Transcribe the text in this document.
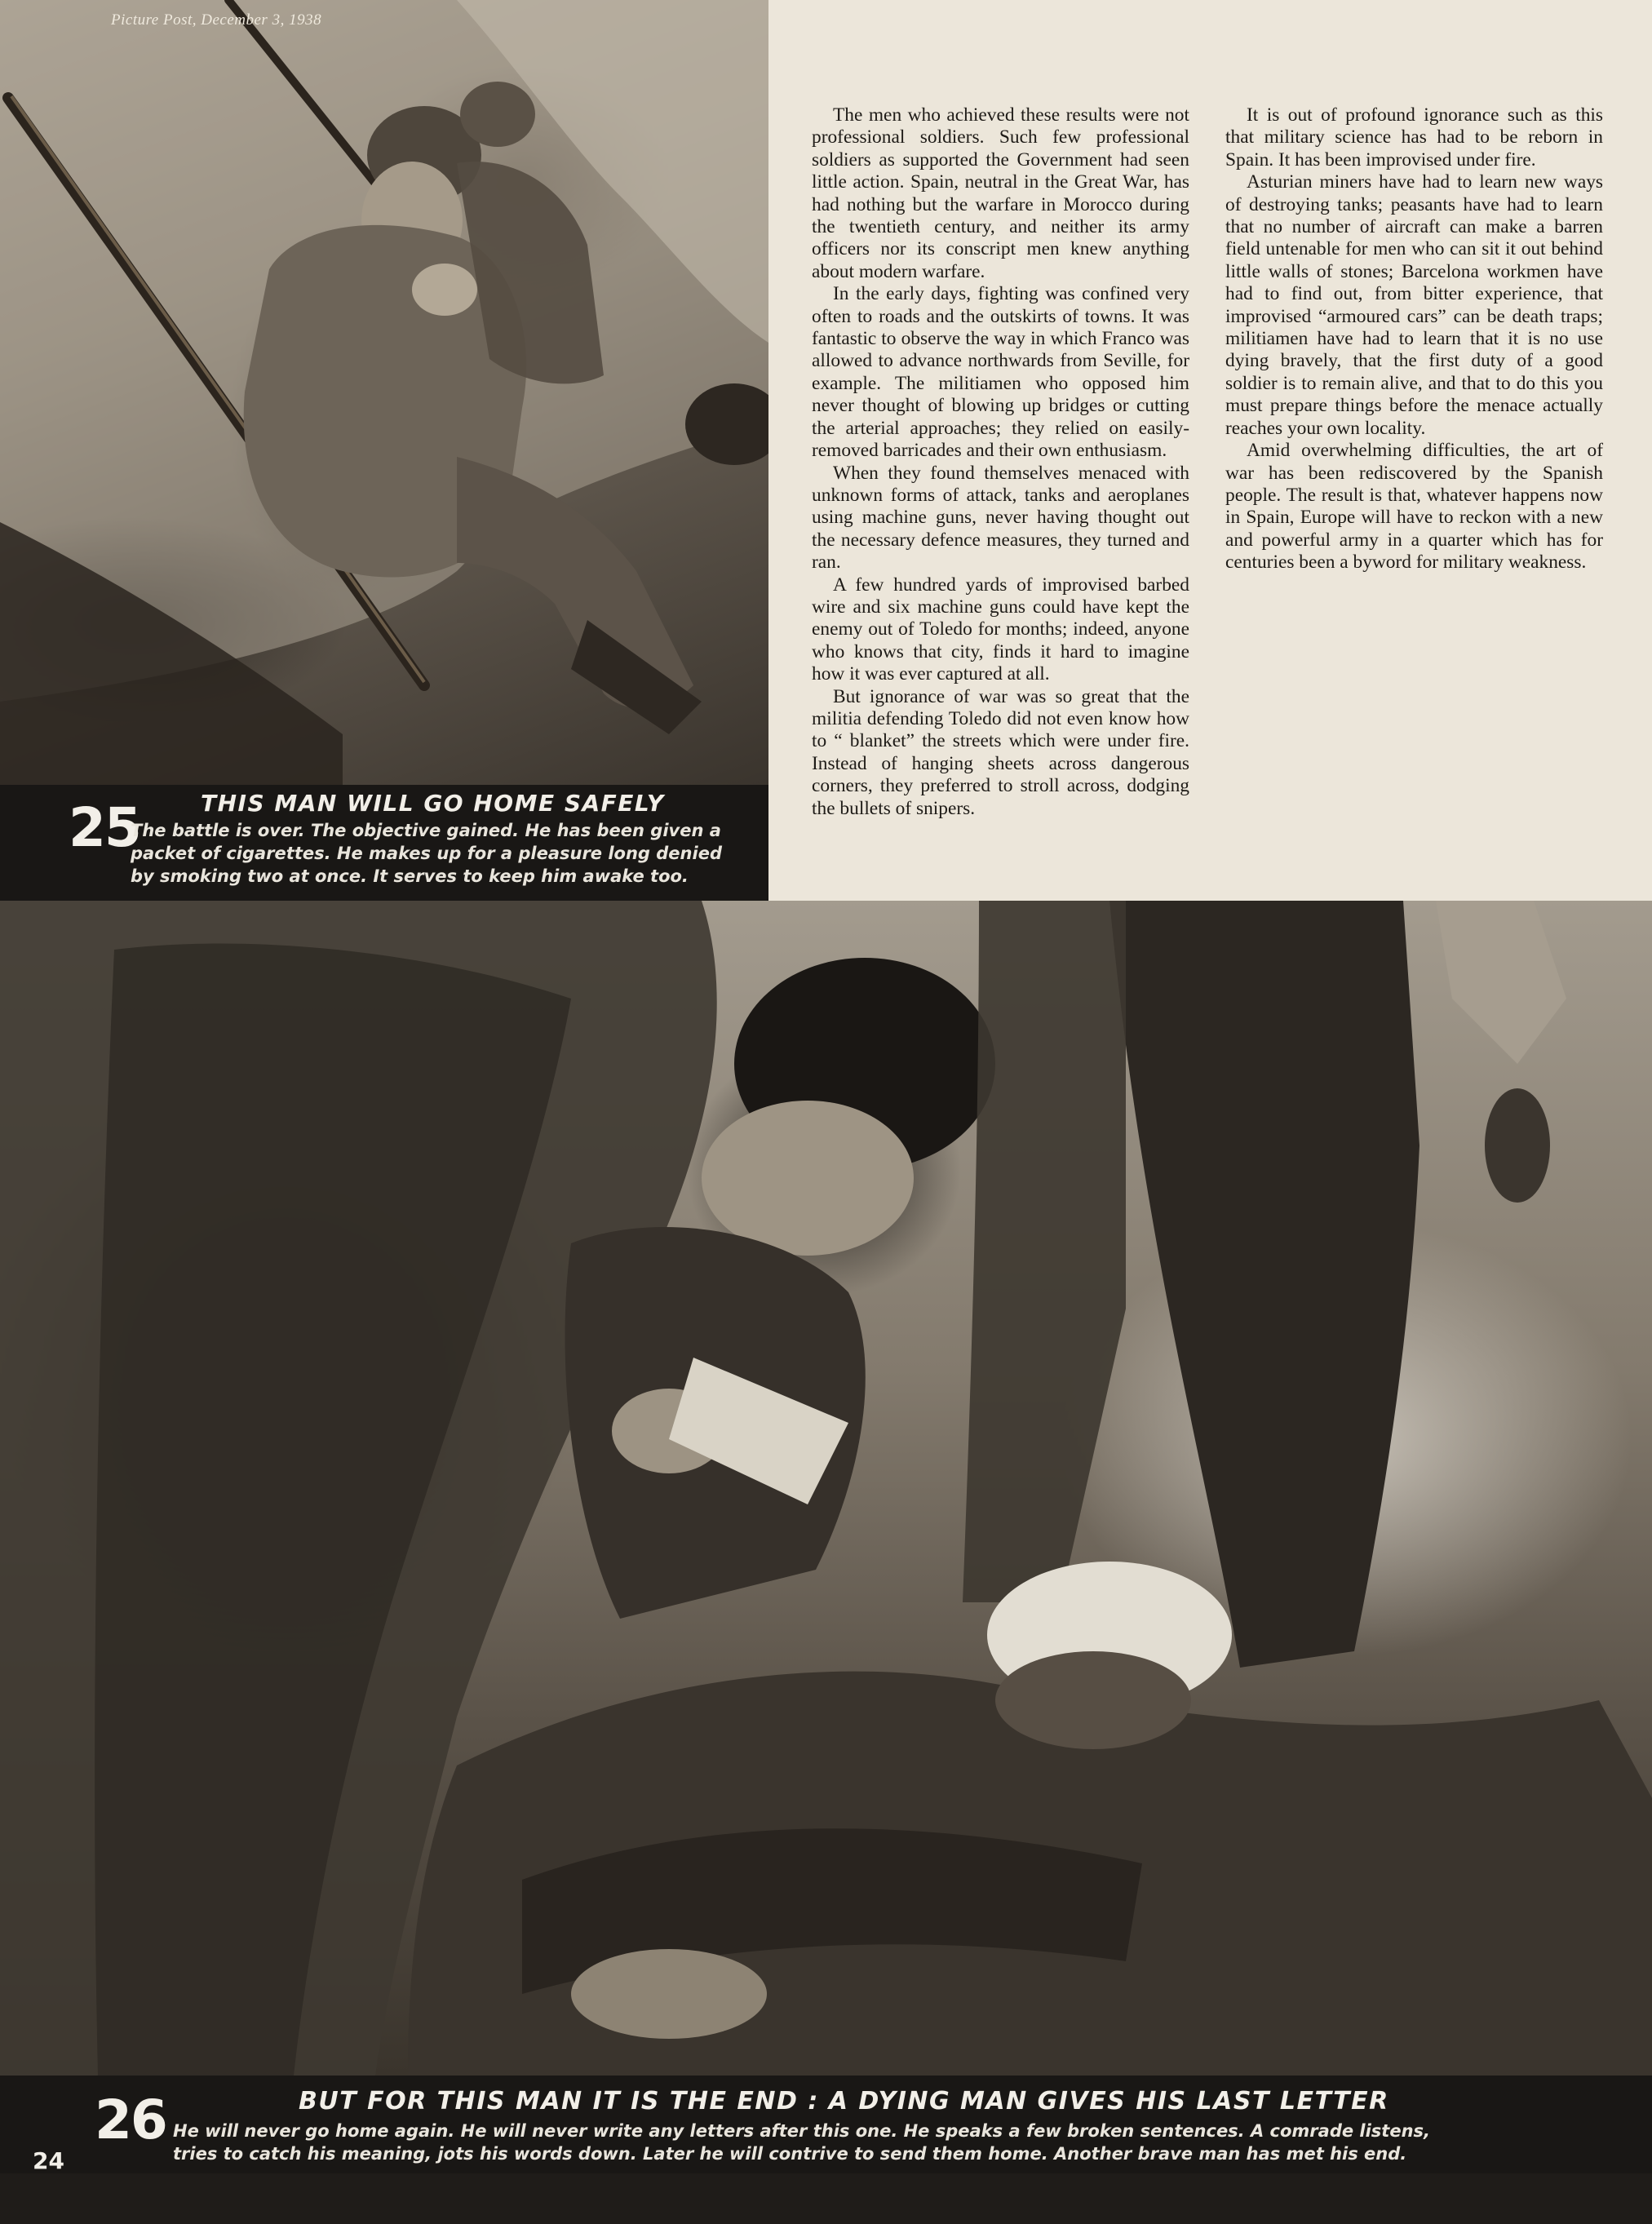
Picture Post, December 3, 1938
25	THIS MAN WILL GO HOME SAFELY
The battle is over. The objective gained. He has been given a
packet of cigarettes. He makes up for a pleasure long denied
by smoking two at once. It serves to keep him awake too.

The men who achieved these results were not professional soldiers. Such few professional soldiers as supported the Government had seen little action. Spain, neutral in the Great War, has had nothing but the warfare in Morocco during the twentieth century, and neither its army officers nor its conscript men knew anything about modern warfare.

In the early days, fighting was confined very often to roads and the outskirts of towns. It was fantastic to observe the way in which Franco was allowed to advance northwards from Seville, for example. The militiamen who opposed him never thought of blowing up bridges or cutting the arterial approaches; they relied on easily-removed barricades and their own enthusiasm.

When they found themselves menaced with unknown forms of attack, tanks and aeroplanes using machine guns, never having thought out the necessary defence measures, they turned and ran.

A few hundred yards of improvised barbed wire and six machine guns could have kept the enemy out of Toledo for months; indeed, anyone who knows that city, finds it hard to imagine how it was ever captured at all.

But ignorance of war was so great that the militia defending Toledo did not even know how to “ blanket” the streets which were under fire. Instead of hanging sheets across dangerous corners, they preferred to stroll across, dodging the bullets of snipers.

It is out of profound ignorance such as this that military science has had to be reborn in Spain. It has been improvised under fire.

Asturian miners have had to learn new ways of destroying tanks; peasants have had to learn that no number of aircraft can make a barren field untenable for men who can sit it out behind little walls of stones; Barcelona workmen have had to find out, from bitter experience, that improvised “armoured cars” can be death traps; militiamen have had to learn that it is no use dying bravely, that the first duty of a good soldier is to remain alive, and that to do this you must prepare things before the menace actually reaches your own locality.

Amid overwhelming difficulties, the art of war has been rediscovered by the Spanish people. The result is that, whatever happens now in Spain, Europe will have to reckon with a new and powerful army in a quarter which has for centuries been a byword for military weakness.

26	BUT FOR THIS MAN IT IS THE END : A DYING MAN GIVES HIS LAST LETTER
He will never go home again. He will never write any letters after this one. He speaks a few broken sentences. A comrade listens,
tries to catch his meaning, jots his words down. Later he will contrive to send them home. Another brave man has met his end.
24
